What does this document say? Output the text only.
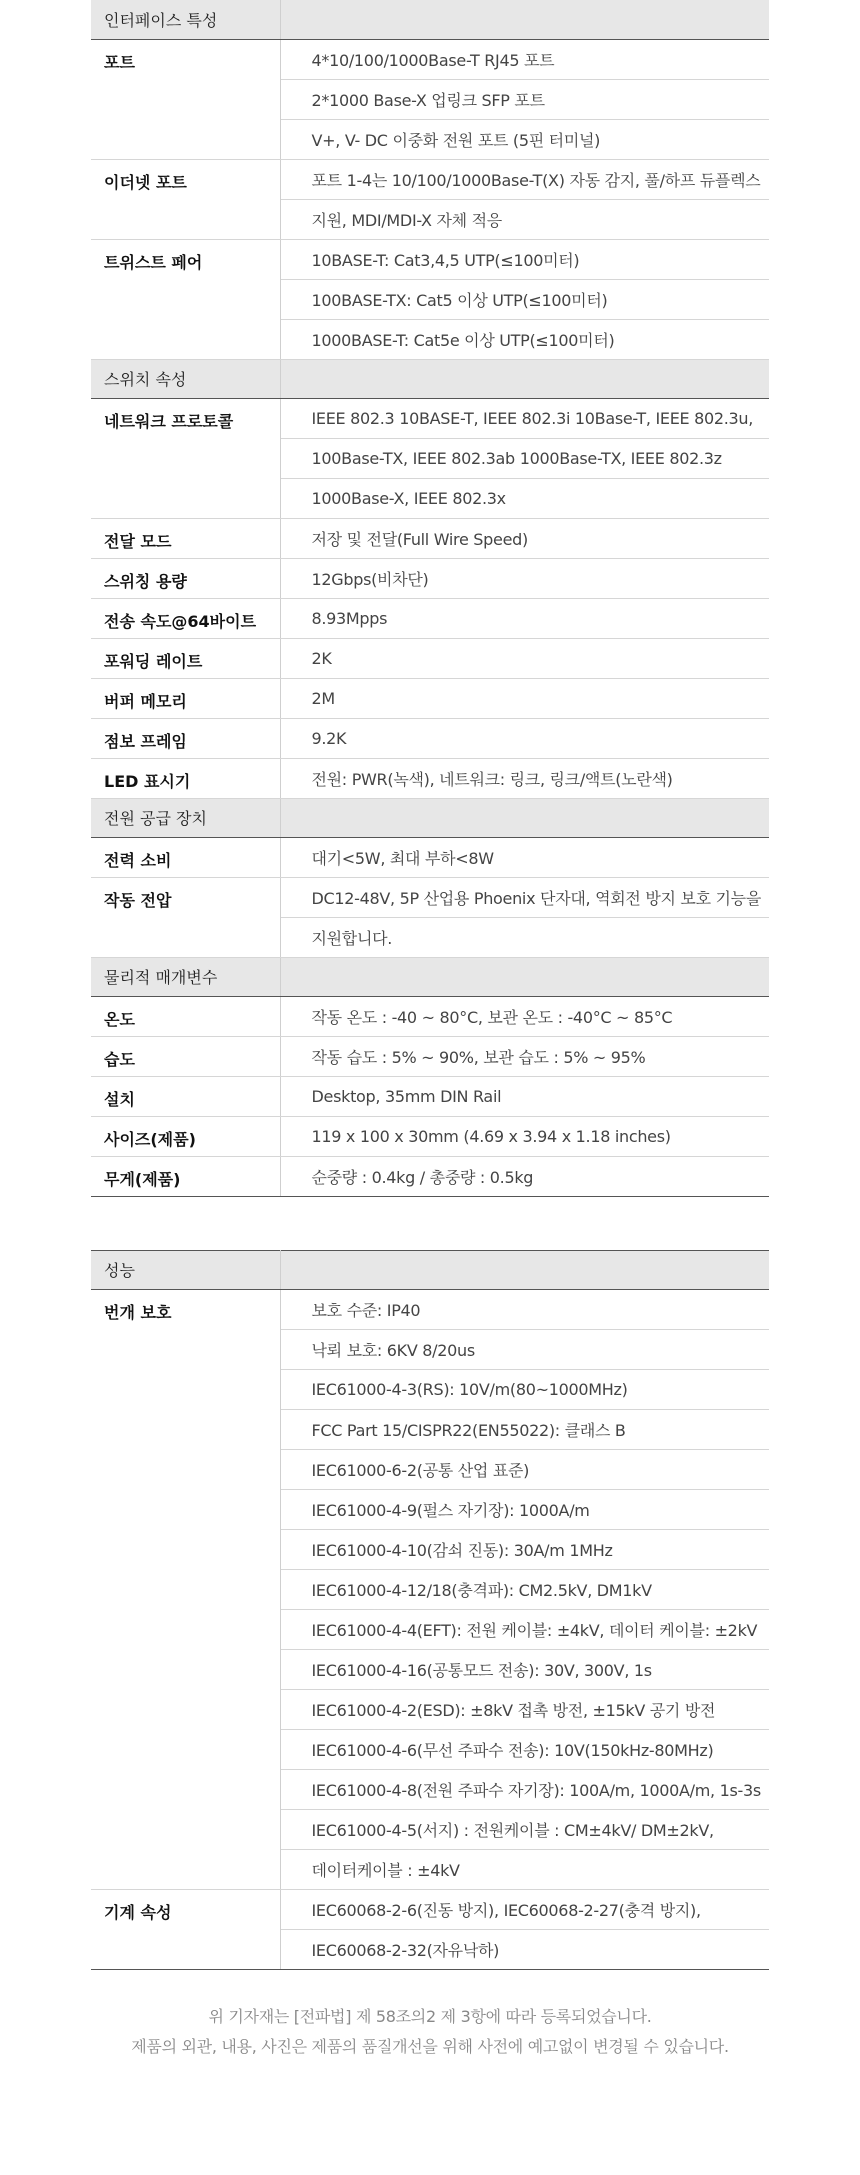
인터페이스 특성	
포트	4*10/100/1000Base-T RJ45 포트
	2*1000 Base-X 업링크 SFP 포트
	V+, V- DC 이중화 전원 포트 (5핀 터미널)
이더넷 포트	포트 1-4는 10/100/1000Base-T(X) 자동 감지, 풀/하프 듀플렉스
	지원, MDI/MDI-X 자체 적응
트위스트 페어	10BASE-T: Cat3,4,5 UTP(≤100미터)
	100BASE-TX: Cat5 이상 UTP(≤100미터)
	1000BASE-T: Cat5e 이상 UTP(≤100미터)
스위치 속성	
네트워크 프로토콜	IEEE 802.3 10BASE-T, IEEE 802.3i 10Base-T, IEEE 802.3u,
	100Base-TX, IEEE 802.3ab 1000Base-TX, IEEE 802.3z
	1000Base-X, IEEE 802.3x
전달 모드	저장 및 전달(Full Wire Speed)
스위칭 용량	12Gbps(비차단)
전송 속도@64바이트	8.93Mpps
포워딩 레이트	2K
버퍼 메모리	2M
점보 프레임	9.2K
LED 표시기	전원: PWR(녹색), 네트워크: 링크, 링크/액트(노란색)
전원 공급 장치	
전력 소비	대기<5W, 최대 부하<8W
작동 전압	DC12-48V, 5P 산업용 Phoenix 단자대, 역회전 방지 보호 기능을
	지원합니다.
물리적 매개변수	
온도	작동 온도 : -40 ~ 80°C, 보관 온도 : -40°C ~ 85°C
습도	작동 습도 : 5% ~ 90%, 보관 습도 : 5% ~ 95%
설치	Desktop, 35mm DIN Rail
사이즈(제품)	119 x 100 x 30mm (4.69 x 3.94 x 1.18 inches)
무게(제품)	순중량 : 0.4kg / 총중량 : 0.5kg
성능	
번개 보호	보호 수준: IP40
	낙뢰 보호: 6KV 8/20us
	IEC61000-4-3(RS): 10V/m(80~1000MHz)
	FCC Part 15/CISPR22(EN55022): 클래스 B
	IEC61000-6-2(공통 산업 표준)
	IEC61000-4-9(펄스 자기장): 1000A/m
	IEC61000-4-10(감쇠 진동): 30A/m 1MHz
	IEC61000-4-12/18(충격파): CM2.5kV, DM1kV
	IEC61000-4-4(EFT): 전원 케이블: ±4kV, 데이터 케이블: ±2kV
	IEC61000-4-16(공통모드 전송): 30V, 300V, 1s
	IEC61000-4-2(ESD): ±8kV 접촉 방전, ±15kV 공기 방전
	IEC61000-4-6(무선 주파수 전송): 10V(150kHz-80MHz)
	IEC61000-4-8(전원 주파수 자기장): 100A/m, 1000A/m, 1s-3s
	IEC61000-4-5(서지) : 전원케이블 : CM±4kV/ DM±2kV,
	데이터케이블 : ±4kV
기계 속성	IEC60068-2-6(진동 방지), IEC60068-2-27(충격 방지),
	IEC60068-2-32(자유낙하)
위 기자재는 [전파법] 제 58조의2 제 3항에 따라 등록되었습니다.
제품의 외관, 내용, 사진은 제품의 품질개선을 위해 사전에 예고없이 변경될 수 있습니다.
